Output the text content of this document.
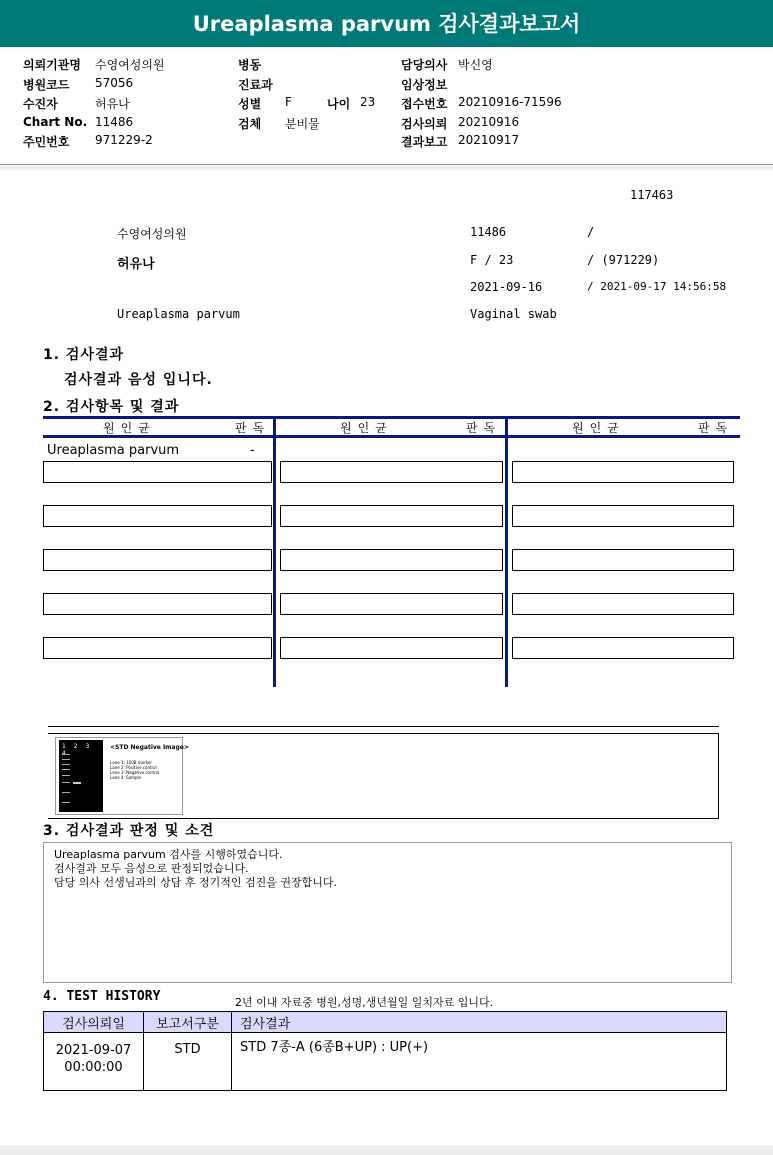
Ureaplasma parvum 검사결과보고서
의뢰기관명 수영여성의원
병원코드 57056
수진자	허유나
Chart No. 11486
주민번호 971229-2
병동
진료과
성별 F	나이 23
검체 분비물
담당의사 박신영
임상정보
접수번호 20210916-71596
검사의뢰 20210916
결과보고 20210917
117463
수영여성의원	11486	/
허유나	F / 23	/ (971229)
2021-09-16	/ 2021-09-17 14:56:58
Ureaplasma parvum	Vaginal swab
1. 검사결과
검사결과 음성 입니다.
2. 검사항목 및 결과
원인균	판독	원인균	판독	원인균	판독
Ureaplasma parvum	-
1 2 3	<STD Negative Image>
Lane 1: 100B marker
Lane 2: Positive control
Lane 3: Negative control
Lane 4: Sample
3. 검사결과 판정 및 소견
Ureaplasma parvum 검사를 시행하였습니다.
검사결과 모두 음성으로 판정되었습니다.
담당 의사 선생님과의 상담 후 정기적인 검진을 권장합니다.
4. TEST HISTORY	2년 이내 자료중 병원,성명,생년월일 일치자료 입니다.
검사의뢰일	보고서구분	검사결과

2021-09-07
00:00:00	STD	STD 7종-A (6종B+UP) : UP(+)
